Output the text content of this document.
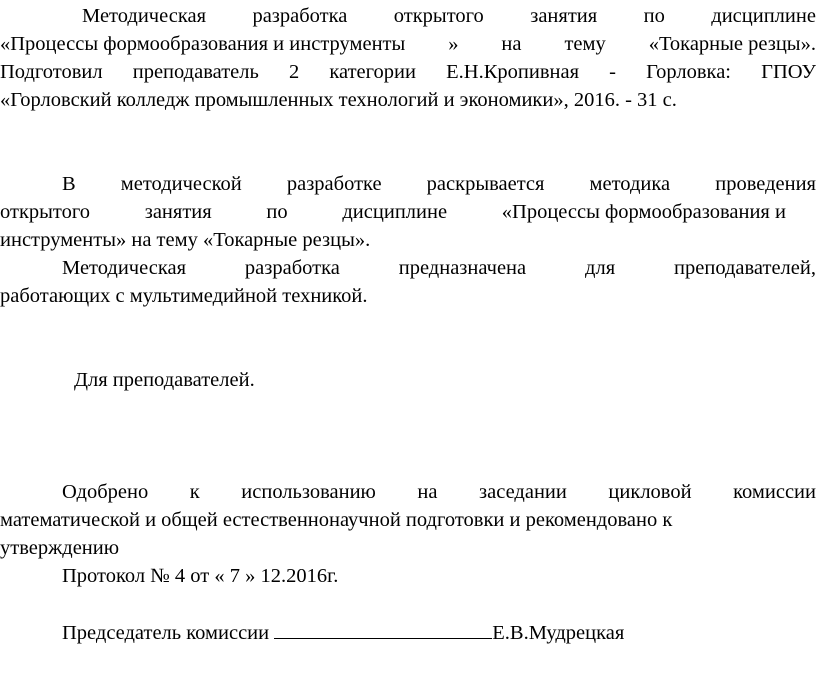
Методическая разработка открытого занятия по дисциплине
«Процессы формообразования и инструменты » на тему «Токарные резцы».
Подготовил преподаватель 2 категории Е.Н.Кропивная - Горловка: ГПОУ
«Горловский колледж промышленных технологий и экономики», 2016. - 31 с.
В методической разработке раскрывается методика проведения
открытого	занятия	по	дисциплине	«Процессы формообразования и
инструменты» на тему «Токарные резцы».
Методическая	разработка	предназначена	для	преподавателей,
работающих с мультимедийной техникой.
Для преподавателей.
Одобрено к использованию на заседании цикловой комиссии
математической и общей естественнонаучной подготовки и рекомендовано к
утверждению
Протокол № 4 от « 7 » 12.2016г.
Председатель комиссии	Е.В.Мудрецкая
